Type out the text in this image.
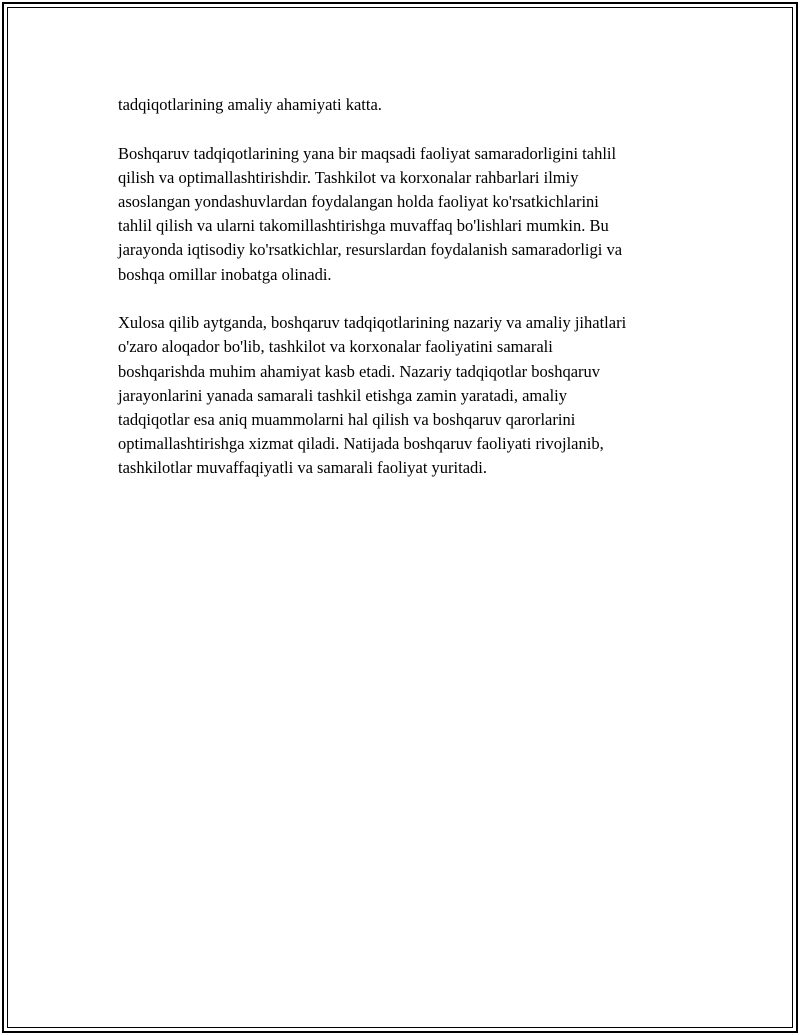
tadqiqotlarining amaliy ahamiyati katta.

Boshqaruv tadqiqotlarining yana bir maqsadi faoliyat samaradorligini tahlil
qilish va optimallashtirishdir. Tashkilot va korxonalar rahbarlari ilmiy
asoslangan yondashuvlardan foydalangan holda faoliyat ko'rsatkichlarini
tahlil qilish va ularni takomillashtirishga muvaffaq bo'lishlari mumkin. Bu
jarayonda iqtisodiy ko'rsatkichlar, resurslardan foydalanish samaradorligi va
boshqa omillar inobatga olinadi.

Xulosa qilib aytganda, boshqaruv tadqiqotlarining nazariy va amaliy jihatlari
o'zaro aloqador bo'lib, tashkilot va korxonalar faoliyatini samarali
boshqarishda muhim ahamiyat kasb etadi. Nazariy tadqiqotlar boshqaruv
jarayonlarini yanada samarali tashkil etishga zamin yaratadi, amaliy
tadqiqotlar esa aniq muammolarni hal qilish va boshqaruv qarorlarini
optimallashtirishga xizmat qiladi. Natijada boshqaruv faoliyati rivojlanib,
tashkilotlar muvaffaqiyatli va samarali faoliyat yuritadi.
